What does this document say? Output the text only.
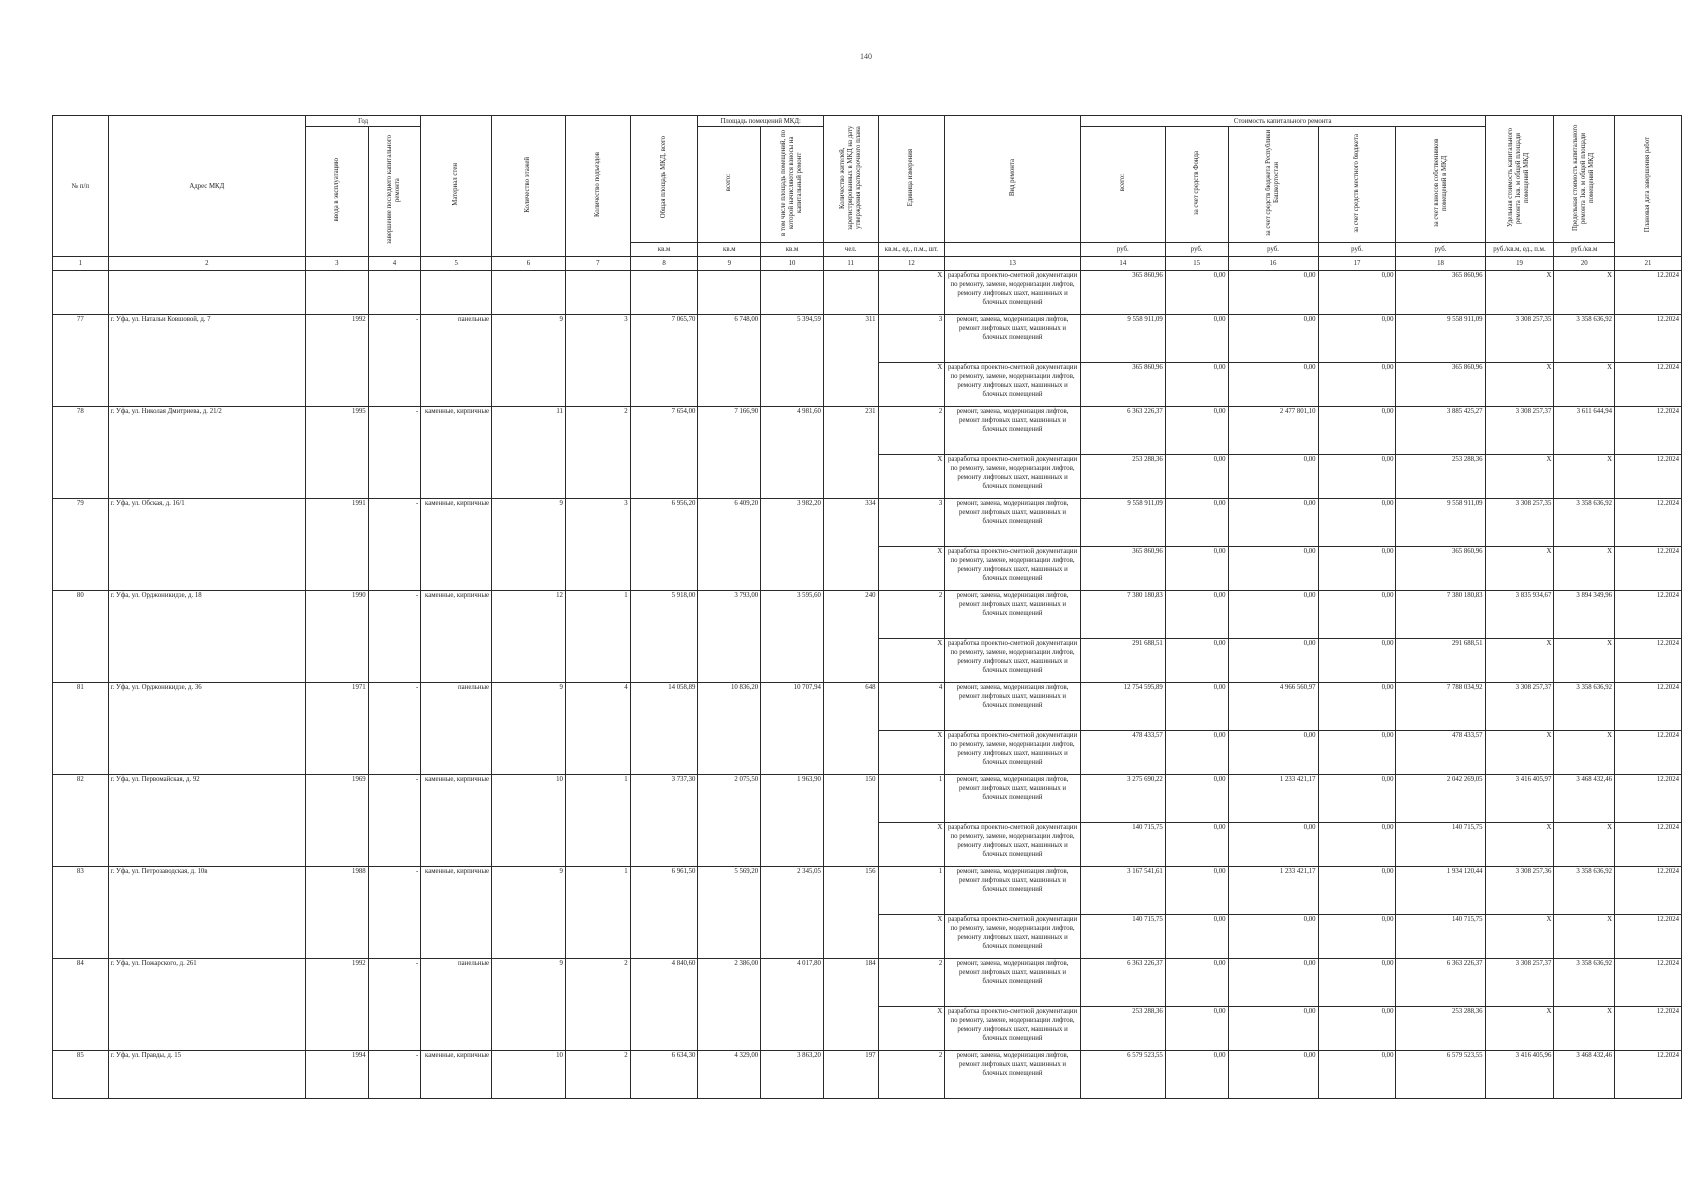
140
№ п/п	Адрес МКД	Год		Материал стен	Количество этажей	Количество подъездов	Общая площадь МКД, всего	Площадь помещений МКД:		Количество жителей, зарегистрированных в МКД на дату утверждения краткосрочного плана	Единица измерения	Вид ремонта	Стоимость капитального ремонта					Удельная стоимость капитального ремонта 1кв. м общей площади помещений МКД	Предельная стоимость капитального ремонта 1кв. м общей площади помещений МКД	Плановая дата завершения работ
		ввода в эксплуатацию	завершение последнего капитального ремонта					всего:	в том числе площадь помещений, по которой начисляются взносы на капитальный ремонт				всего:	за счет средств Фонда	за счет средств бюджета Республики Башкортостан	за счет средств местного бюджета	за счет взносов собственников помещений в МКД			
							кв.м	кв.м	кв.м	чел.	кв.м., ед., п.м., шт.		руб.	руб.	руб.	руб.	руб.	руб./кв.м, ед., п.м.	руб./кв.м	
1	2	3	4	5	6	7	8	9	10	11	12	13	14	15	16	17	18	19	20	21
											Х	разработка проектно-сметной документации по ремонту, замене, модернизации лифтов, ремонту лифтовых шахт, машинных и блочных помещений	365 860,96	0,00	0,00	0,00	365 860,96	Х	Х	12.2024
77	г. Уфа, ул. Натальи Ковшовой, д. 7	1992	-	панельные	9	3	7 065,70	6 748,00	5 394,59	311	3	ремонт, замена, модернизация лифтов, ремонт лифтовых шахт, машинных и блочных помещений	9 558 911,09	0,00	0,00	0,00	9 558 911,09	3 308 257,35	3 358 636,92	12.2024
											Х	разработка проектно-сметной документации по ремонту, замене, модернизации лифтов, ремонту лифтовых шахт, машинных и блочных помещений	365 860,96	0,00	0,00	0,00	365 860,96	Х	Х	12.2024
78	г. Уфа, ул. Николая Дмитриева, д. 21/2	1995	-	каменные, кирпичные	11	2	7 654,00	7 166,90	4 981,60	231	2	ремонт, замена, модернизация лифтов, ремонт лифтовых шахт, машинных и блочных помещений	6 363 226,37	0,00	2 477 801,10	0,00	3 885 425,27	3 308 257,37	3 611 644,94	12.2024
											Х	разработка проектно-сметной документации по ремонту, замене, модернизации лифтов, ремонту лифтовых шахт, машинных и блочных помещений	253 288,36	0,00	0,00	0,00	253 288,36	Х	Х	12.2024
79	г. Уфа, ул. Обская, д. 16/1	1991	-	каменные, кирпичные	9	3	6 956,20	6 409,20	3 982,20	334	3	ремонт, замена, модернизация лифтов, ремонт лифтовых шахт, машинных и блочных помещений	9 558 911,09	0,00	0,00	0,00	9 558 911,09	3 308 257,35	3 358 636,92	12.2024
											Х	разработка проектно-сметной документации по ремонту, замене, модернизации лифтов, ремонту лифтовых шахт, машинных и блочных помещений	365 860,96	0,00	0,00	0,00	365 860,96	Х	Х	12.2024
80	г. Уфа, ул. Орджоникидзе, д. 18	1990	-	каменные, кирпичные	12	1	5 918,00	3 793,00	3 595,60	240	2	ремонт, замена, модернизация лифтов, ремонт лифтовых шахт, машинных и блочных помещений	7 380 180,83	0,00	0,00	0,00	7 380 180,83	3 835 934,67	3 894 349,96	12.2024
											Х	разработка проектно-сметной документации по ремонту, замене, модернизации лифтов, ремонту лифтовых шахт, машинных и блочных помещений	291 688,51	0,00	0,00	0,00	291 688,51	Х	Х	12.2024
81	г. Уфа, ул. Орджоникидзе, д. 36	1971	-	панельные	9	4	14 058,89	10 836,20	10 707,94	648	4	ремонт, замена, модернизация лифтов, ремонт лифтовых шахт, машинных и блочных помещений	12 754 595,89	0,00	4 966 560,97	0,00	7 788 034,92	3 308 257,37	3 358 636,92	12.2024
											Х	разработка проектно-сметной документации по ремонту, замене, модернизации лифтов, ремонту лифтовых шахт, машинных и блочных помещений	478 433,57	0,00	0,00	0,00	478 433,57	Х	Х	12.2024
82	г. Уфа, ул. Первомайская, д. 92	1969	-	каменные, кирпичные	10	1	3 737,30	2 075,50	1 963,90	150	1	ремонт, замена, модернизация лифтов, ремонт лифтовых шахт, машинных и блочных помещений	3 275 690,22	0,00	1 233 421,17	0,00	2 042 269,05	3 416 405,97	3 468 432,46	12.2024
											Х	разработка проектно-сметной документации по ремонту, замене, модернизации лифтов, ремонту лифтовых шахт, машинных и блочных помещений	140 715,75	0,00	0,00	0,00	140 715,75	Х	Х	12.2024
83	г. Уфа, ул. Петрозаводская, д. 10в	1988	-	каменные, кирпичные	9	1	6 961,50	5 569,20	2 345,05	156	1	ремонт, замена, модернизация лифтов, ремонт лифтовых шахт, машинных и блочных помещений	3 167 541,61	0,00	1 233 421,17	0,00	1 934 120,44	3 308 257,36	3 358 636,92	12.2024
											Х	разработка проектно-сметной документации по ремонту, замене, модернизации лифтов, ремонту лифтовых шахт, машинных и блочных помещений	140 715,75	0,00	0,00	0,00	140 715,75	Х	Х	12.2024
84	г. Уфа, ул. Пожарского, д. 261	1992	-	панельные	9	2	4 840,60	2 386,00	4 017,80	184	2	ремонт, замена, модернизация лифтов, ремонт лифтовых шахт, машинных и блочных помещений	6 363 226,37	0,00	0,00	0,00	6 363 226,37	3 308 257,37	3 358 636,92	12.2024
											Х	разработка проектно-сметной документации по ремонту, замене, модернизации лифтов, ремонту лифтовых шахт, машинных и блочных помещений	253 288,36	0,00	0,00	0,00	253 288,36	Х	Х	12.2024
85	г. Уфа, ул. Правды, д. 15	1994	-	каменные, кирпичные	10	2	6 634,30	4 329,00	3 863,20	197	2	ремонт, замена, модернизация лифтов, ремонт лифтовых шахт, машинных и блочных помещений	6 579 523,55	0,00	0,00	0,00	6 579 523,55	3 416 405,96	3 468 432,46	12.2024
